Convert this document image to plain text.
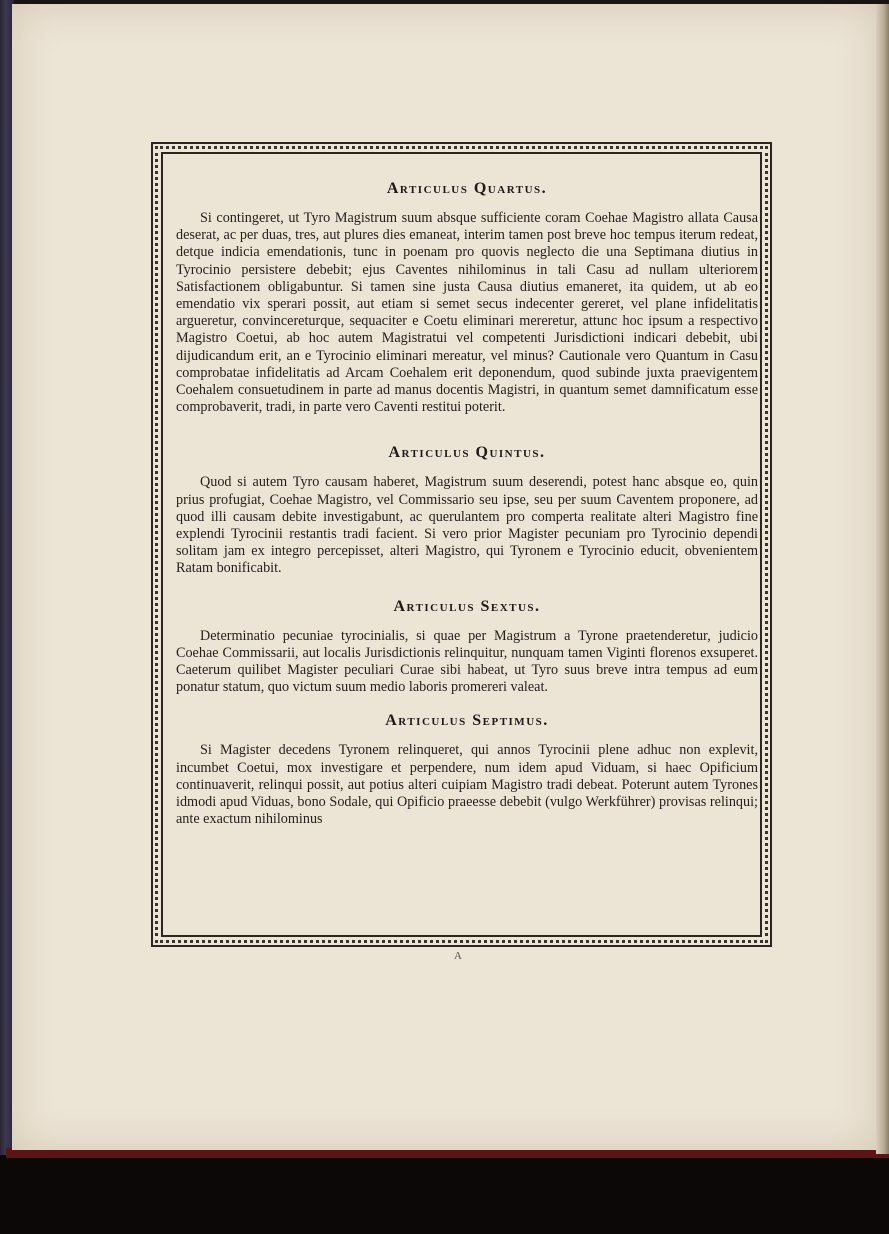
Articulus Quartus.

Si contingeret, ut Tyro Magistrum suum absque sufficiente coram Coehae Magistro allata Causa deserat, ac per duas, tres, aut plures dies emaneat, interim tamen post breve hoc tempus iterum redeat, detque indicia emendationis, tunc in poenam pro quovis neglecto die una Septimana diutius in Tyrocinio persistere debebit; ejus Caventes nihilominus in tali Casu ad nullam ulteriorem Satisfactionem obligabuntur. Si tamen sine justa Causa diutius emaneret, ita quidem, ut ab eo emendatio vix sperari possit, aut etiam si semet secus indecenter gereret, vel plane infidelitatis argueretur, convincereturque, sequaciter e Coetu eliminari mereretur, attunc hoc ipsum a respectivo Magistro Coetui, ab hoc autem Magistratui vel competenti Jurisdictioni indicari debebit, ubi dijudicandum erit, an e Tyrocinio eliminari mereatur, vel minus? Cautionale vero Quantum in Casu comprobatae infidelitatis ad Arcam Coehalem erit deponendum, quod subinde juxta praevigentem Coehalem consuetudinem in parte ad manus docentis Magistri, in quantum semet damnificatum esse comprobaverit, tradi, in parte vero Caventi restitui poterit.

Articulus Quintus.

Quod si autem Tyro causam haberet, Magistrum suum deserendi, potest hanc absque eo, quin prius profugiat, Coehae Magistro, vel Commissario seu ipse, seu per suum Caventem proponere, ad quod illi causam debite investigabunt, ac querulantem pro comperta realitate alteri Magistro fine explendi Tyrocinii restantis tradi facient. Si vero prior Magister pecuniam pro Tyrocinio dependi solitam jam ex integro percepisset, alteri Magistro, qui Tyronem e Tyrocinio educit, obvenientem Ratam bonificabit.

Articulus Sextus.

Determinatio pecuniae tyrocinialis, si quae per Magistrum a Tyrone praetenderetur, judicio Coehae Commissarii, aut localis Jurisdictionis relinquitur, nunquam tamen Viginti florenos exsuperet. Caeterum quilibet Magister peculiari Curae sibi habeat, ut Tyro suus breve intra tempus ad eum ponatur statum, quo victum suum medio laboris promereri valeat.

Articulus Septimus.

Si Magister decedens Tyronem relinqueret, qui annos Tyrocinii plene adhuc non explevit, incumbet Coetui, mox investigare et perpendere, num idem apud Viduam, si haec Opificium continuaverit, relinqui possit, aut potius alteri cuipiam Magistro tradi debeat. Poterunt autem Tyrones idmodi apud Viduas, bono Sodale, qui Opificio praeesse debebit (vulgo Werkführer) provisas relinqui; ante exactum nihilominus

A
